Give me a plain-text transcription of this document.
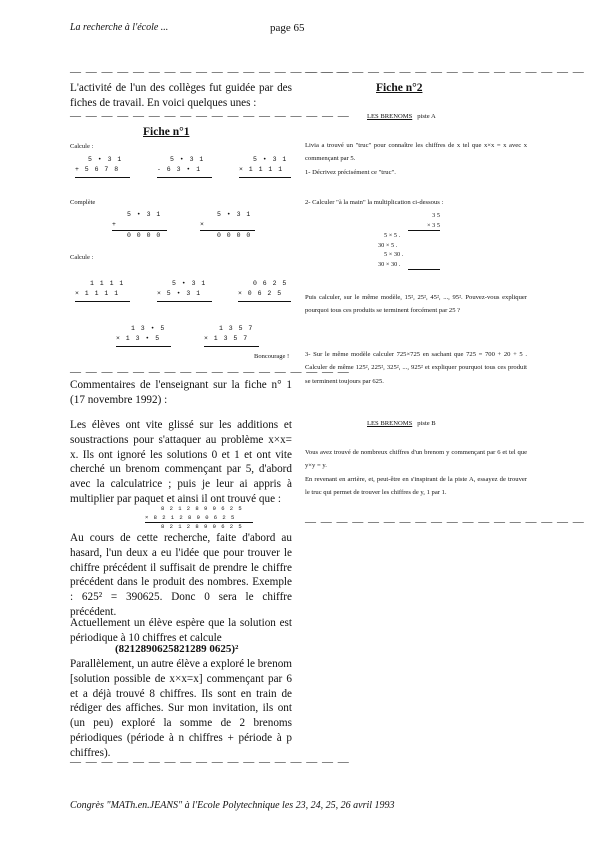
La recherche à l'école ...	page 65
— — — — — — — — — — — — — — — — — —

L'activité de l'un des collèges fut guidée par des fiches de travail. En voici quelques unes :

— — — — — — — — — — — — — — — — — —
Fiche n°1
Calcule :
5 • 3 1
+ 5 6 7 8
5 • 3 1
- 6 3 • 1
5 • 3 1
× 1 1 1 1
Complète
5 • 3 1
+
0 0 0 0
5 • 3 1
×
0 0 0 0
Calcule :
1 1 1 1
× 1 1 1 1
5 • 3 1
× 5 • 3 1
0 6 2 5
× 0 6 2 5
1 3 • 5
× 1 3 • 5
1 3 5 7
× 1 3 5 7
Boncourage !
— — — — — — — — — — — — — — — — — —

Commentaires de l'enseignant sur la fiche n° 1 (17 novembre 1992) :

Les élèves ont vite glissé sur les additions et soustractions pour s'attaquer au problème x×x= x. Ils ont ignoré les solutions 0 et 1 et ont vite cherché un brenom commençant par 5, d'abord avec la calculatrice ; puis je leur ai appris à multiplier par paquet et ainsi il ont trouvé que :

8 2 1 2 8 9 0 6 2 5
× 8 2 1 2 8 9 0 6 2 5
8 2 1 2 8 9 0 6 2 5

Au cours de cette recherche, faite d'abord au hasard, l'un deux a eu l'idée que pour trouver le chiffre précédent il suffisait de prendre le chiffre précédent dans le produit des nombres. Exemple : 625² = 390625. Donc 0 sera le chiffre précédent.

Actuellement un élève espère que la solution est périodique à 10 chiffres et calcule

(8212890625821289 0625)²

Parallèlement, un autre élève a exploré le brenom [solution possible de x×x=x] commençant par 6 et a déjà trouvé 8 chiffres. Ils sont en train de rédiger des affiches. Sur mon invitation, ils ont (un peu) exploré la somme de 2 brenoms périodiques (période à n chiffres + période à p chiffres).

— — — — — — — — — — — — — — — — — —
— — — — — — — — — — — — — — — — — —
Fiche n°2
LES BRENOMS piste A

Livia a trouvé un "truc" pour connaître les chiffres de x tel que x×x = x avec x commençant par 5.

1- Décrivez précisément ce "truc".

2- Calculer "à la main" la multiplication ci-dessous :

3 5
× 3 5
5 × 5 .
30 × 5 .
5 × 30 .
30 × 30 .

Puis calculer, sur le même modèle, 15², 25², 45², ..., 95². Pouvez-vous expliquer pourquoi tous ces produits se terminent forcément par 25 ?

3- Sur le même modèle calculer 725×725 en sachant que 725 = 700 + 20 + 5 . Calculer de même 125², 225², 325², ..., 925² et expliquer pourquoi tous ces produit se terminent toujours par 625.

LES BRENOMS piste B

Vous avez trouvé de nombreux chiffres d'un brenom y commençant par 6 et tel que y×y = y.

En revenant en arrière, et, peut-être en s'inspirant de la piste A, essayez de trouver le truc qui permet de trouver les chiffres de y, 1 par 1.

— — — — — — — — — — — — — — — — — —
Congrès "MATh.en.JEANS" à l'Ecole Polytechnique les 23, 24, 25, 26 avril 1993
